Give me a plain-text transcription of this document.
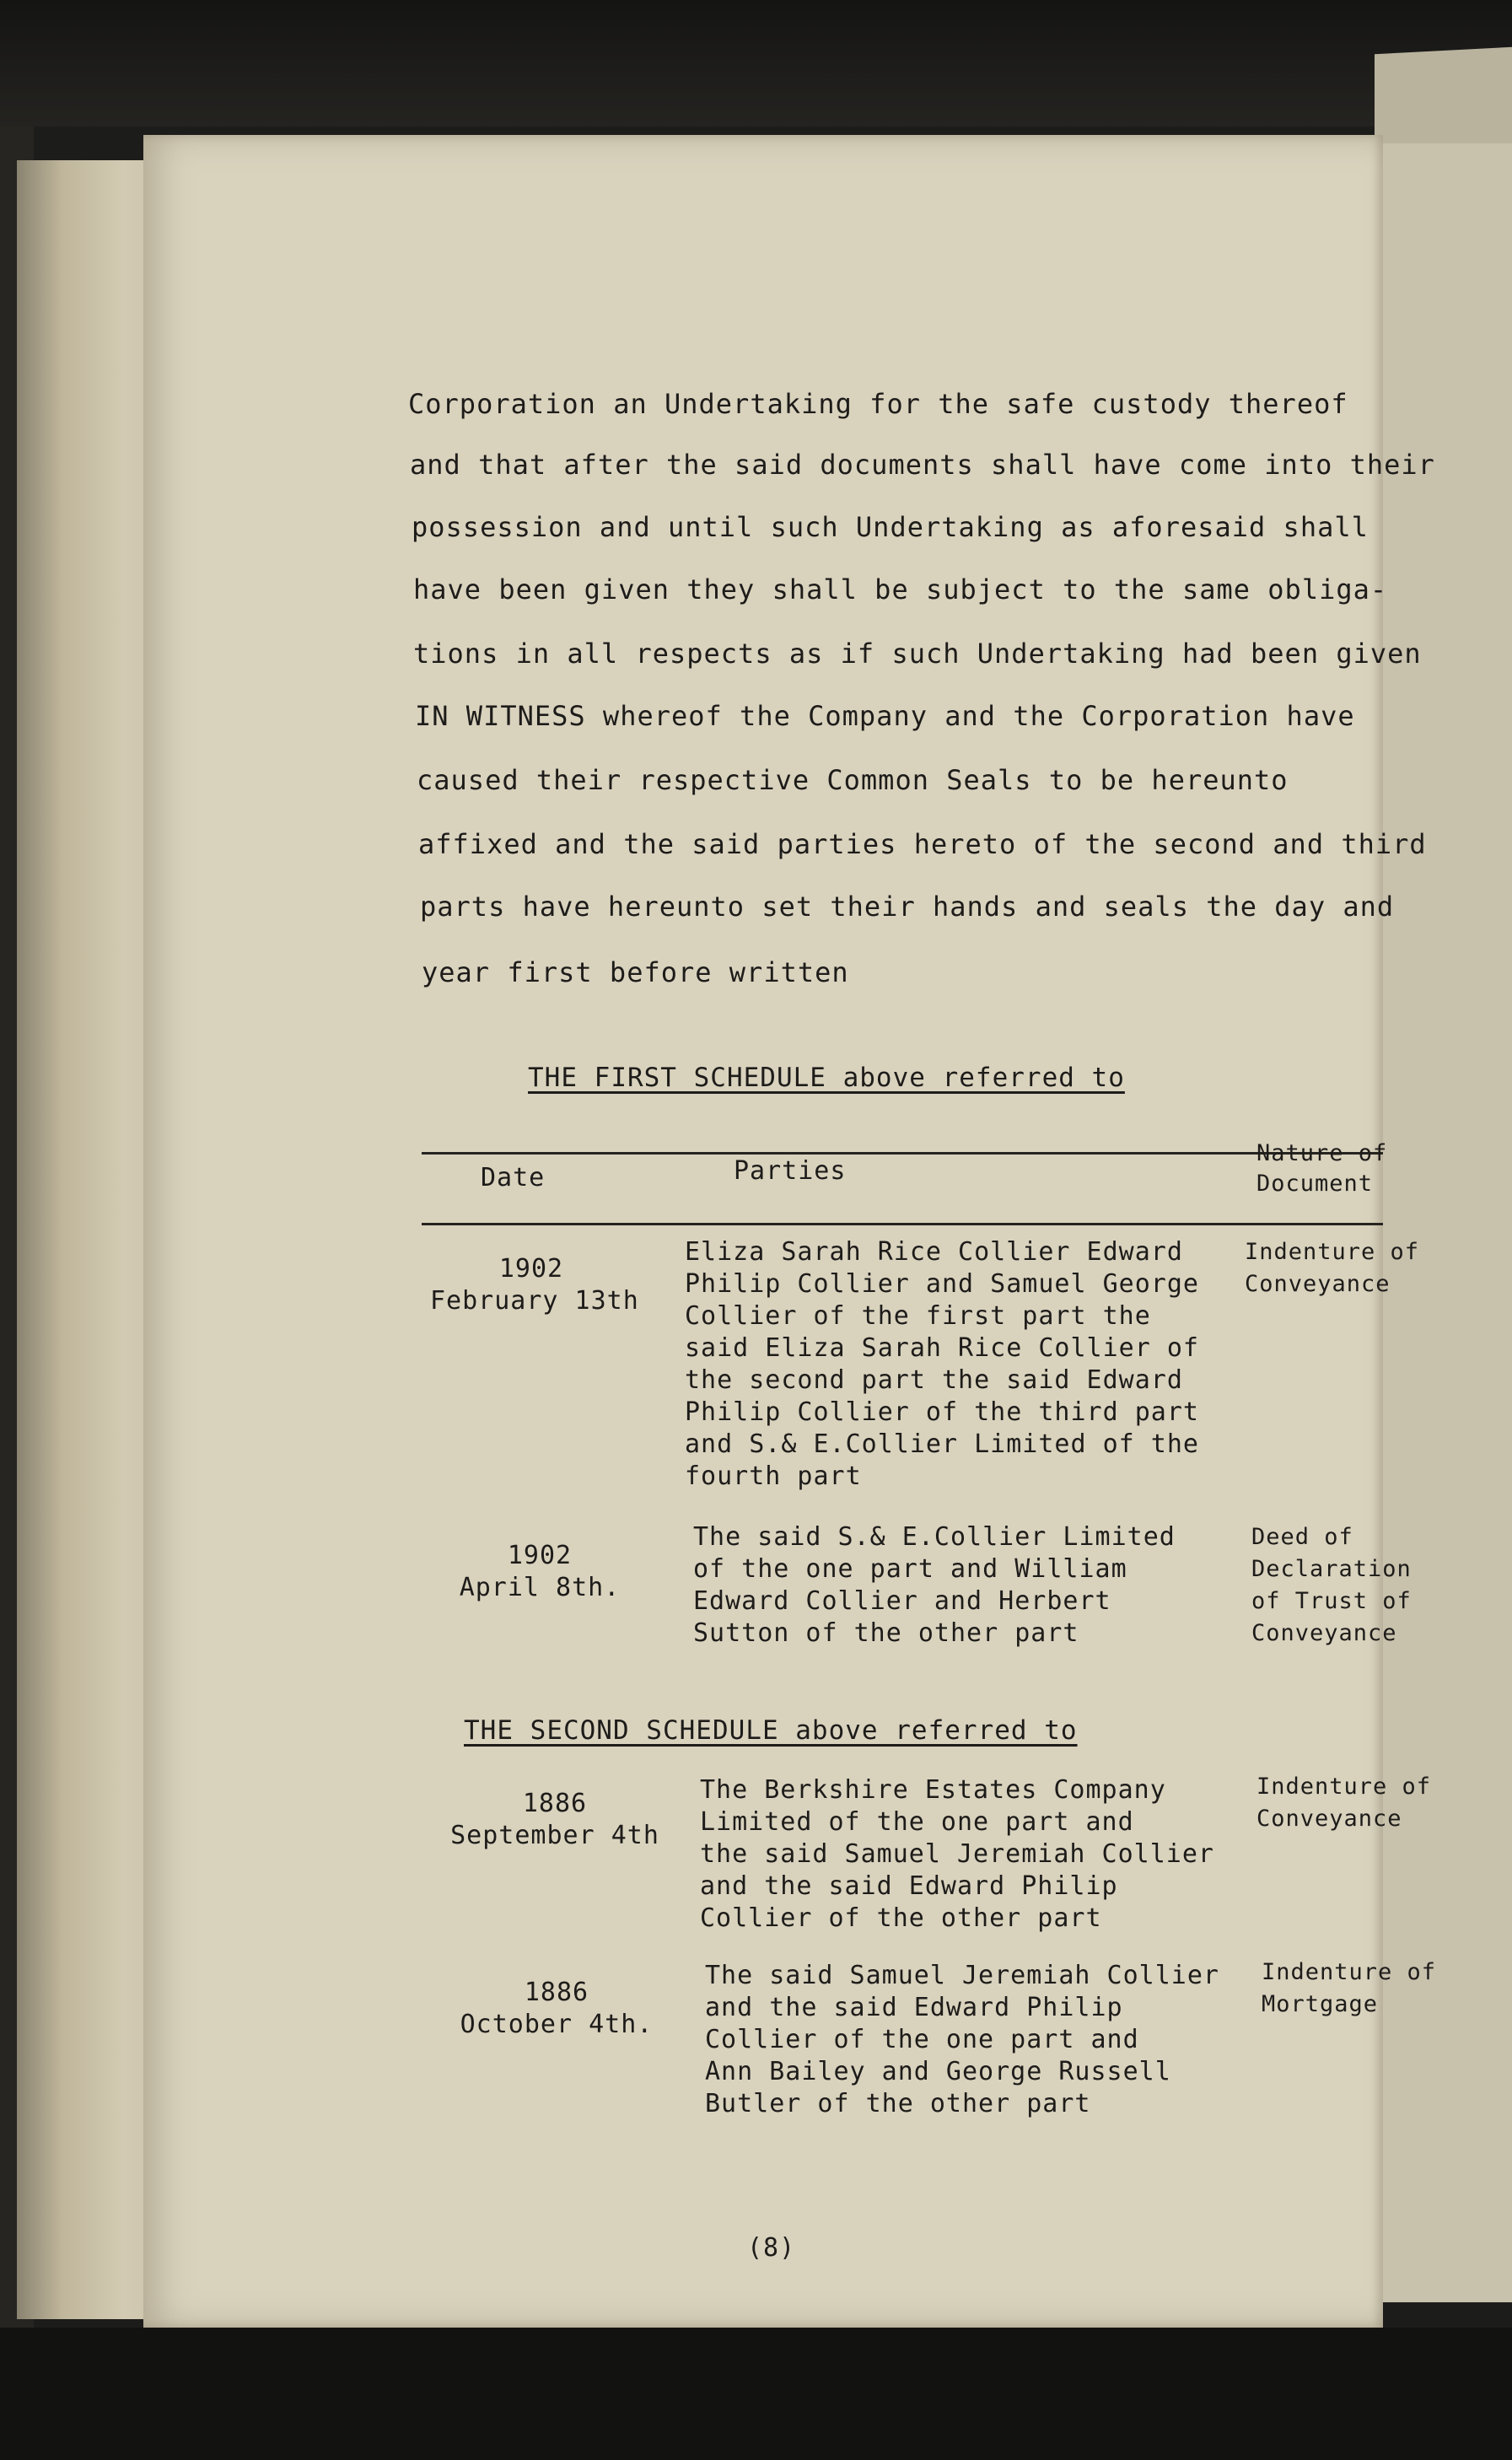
Corporation an Undertaking for the safe custody thereof
and that after the said documents shall have come into their
possession and until such Undertaking as aforesaid shall
have been given they shall be subject to the same obliga-
tions in all respects as if such Undertaking had been given
IN WITNESS whereof the Company and the Corporation have
caused their respective Common Seals to be hereunto
affixed and the said parties hereto of the second and third
parts have hereunto set their hands and seals the day and
year first before written
THE FIRST SCHEDULE above referred to
Date	Parties
Nature of
Document
1902
February 13th
Eliza Sarah Rice Collier Edward
Philip Collier and Samuel George
Collier of the first part the
said Eliza Sarah Rice Collier of
the second part the said Edward
Philip Collier of the third part
and S.& E.Collier Limited of the
fourth part
Indenture of
Conveyance
1902
April 8th.
The said S.& E.Collier Limited
of the one part and William
Edward Collier and Herbert
Sutton of the other part
Deed of
Declaration
of Trust of
Conveyance
THE SECOND SCHEDULE above referred to
1886
September 4th
The Berkshire Estates Company
Limited of the one part and
the said Samuel Jeremiah Collier
and the said Edward Philip
Collier of the other part
Indenture of
Conveyance
1886
October 4th.
The said Samuel Jeremiah Collier
and the said Edward Philip
Collier of the one part and
Ann Bailey and George Russell
Butler of the other part
Indenture of
Mortgage
(8)
